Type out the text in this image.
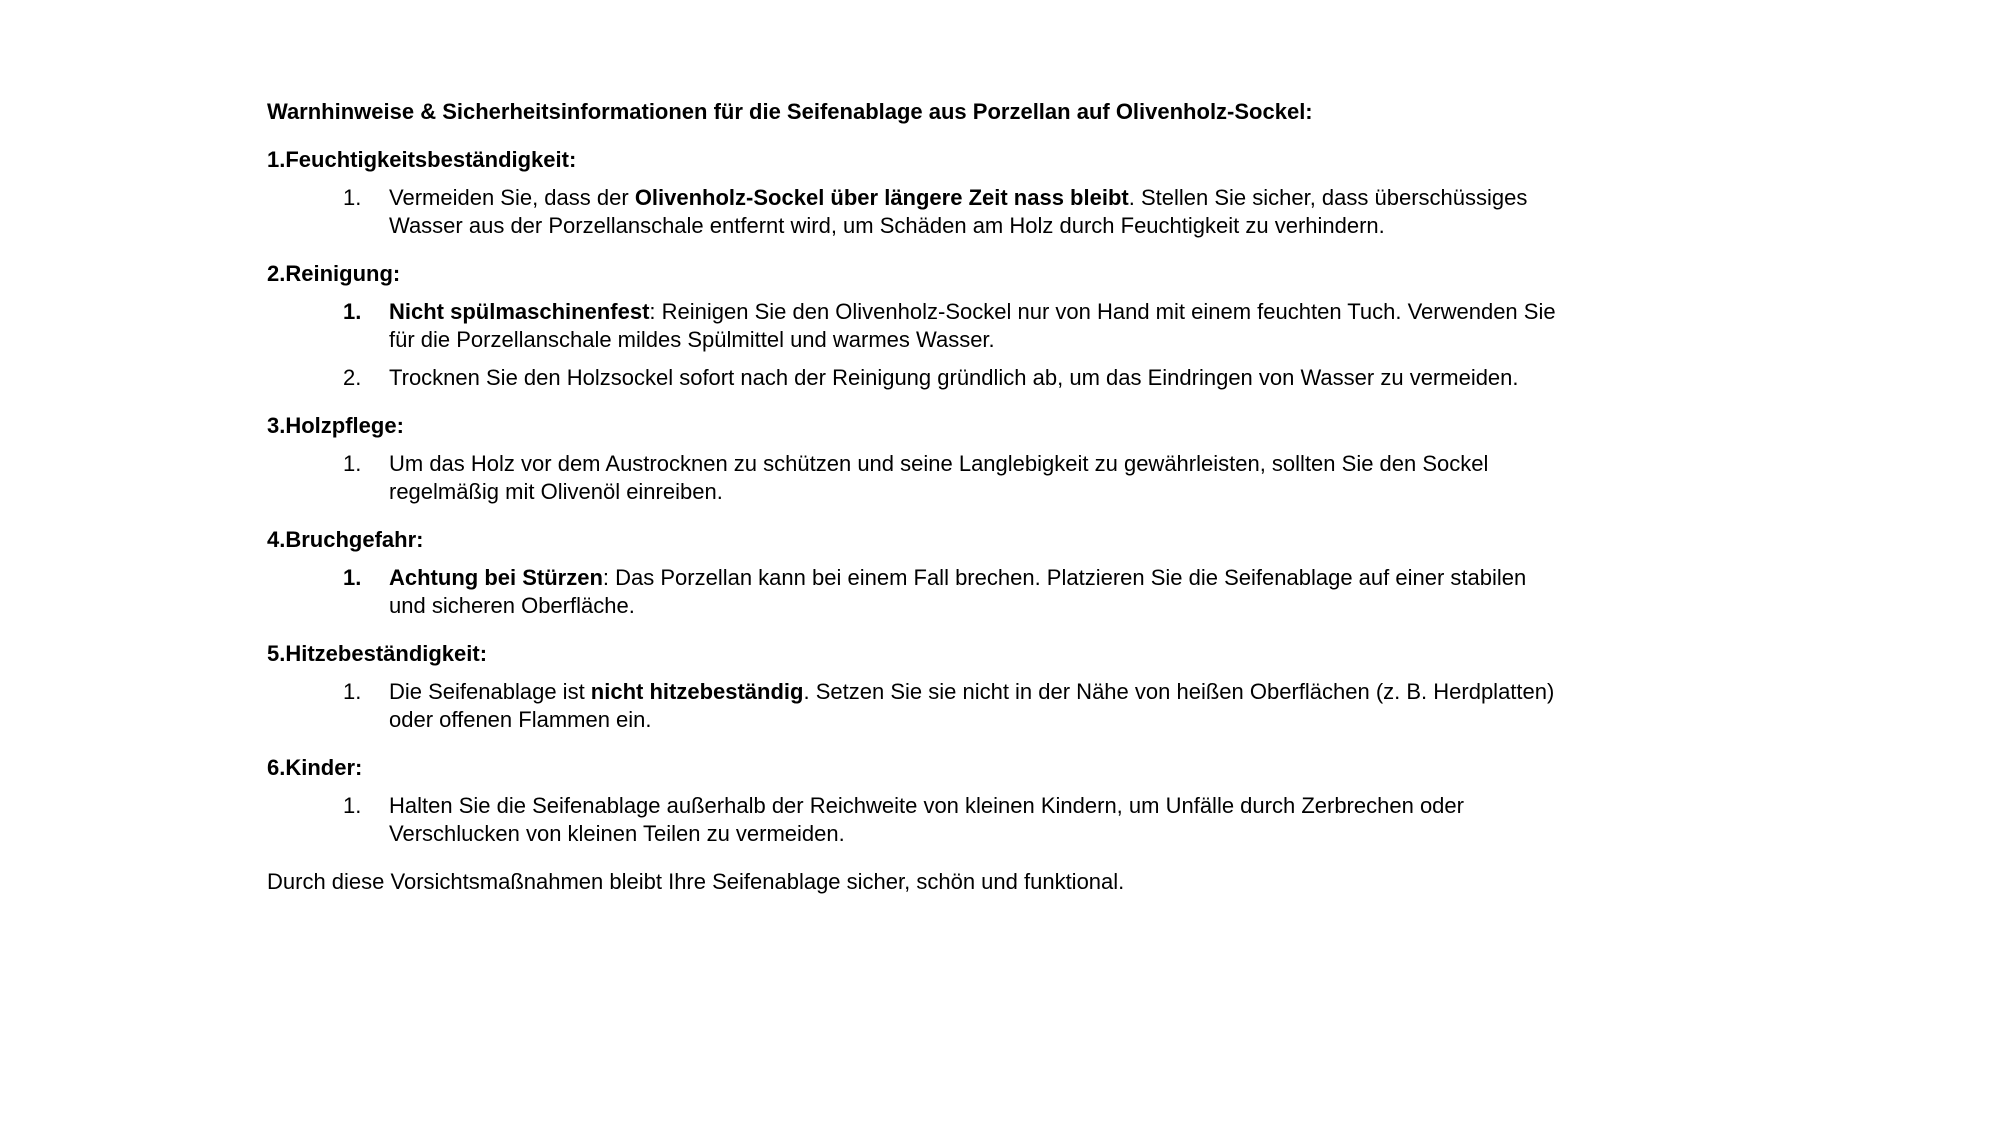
Warnhinweise & Sicherheitsinformationen für die Seifenablage aus Porzellan auf Olivenholz-Sockel:

1.Feuchtigkeitsbeständigkeit:

1. Vermeiden Sie, dass der Olivenholz-Sockel über längere Zeit nass bleibt. Stellen Sie sicher, dass überschüssiges Wasser aus der Porzellanschale entfernt wird, um Schäden am Holz durch Feuchtigkeit zu verhindern.

2.Reinigung:

1. Nicht spülmaschinenfest: Reinigen Sie den Olivenholz-Sockel nur von Hand mit einem feuchten Tuch. Verwenden Sie für die Porzellanschale mildes Spülmittel und warmes Wasser.
2. Trocknen Sie den Holzsockel sofort nach der Reinigung gründlich ab, um das Eindringen von Wasser zu vermeiden.

3.Holzpflege:

1. Um das Holz vor dem Austrocknen zu schützen und seine Langlebigkeit zu gewährleisten, sollten Sie den Sockel regelmäßig mit Olivenöl einreiben.

4.Bruchgefahr:

1. Achtung bei Stürzen: Das Porzellan kann bei einem Fall brechen. Platzieren Sie die Seifenablage auf einer stabilen und sicheren Oberfläche.

5.Hitzebeständigkeit:

1. Die Seifenablage ist nicht hitzebeständig. Setzen Sie sie nicht in der Nähe von heißen Oberflächen (z. B. Herdplatten) oder offenen Flammen ein.

6.Kinder:

1. Halten Sie die Seifenablage außerhalb der Reichweite von kleinen Kindern, um Unfälle durch Zerbrechen oder Verschlucken von kleinen Teilen zu vermeiden.

Durch diese Vorsichtsmaßnahmen bleibt Ihre Seifenablage sicher, schön und funktional.
